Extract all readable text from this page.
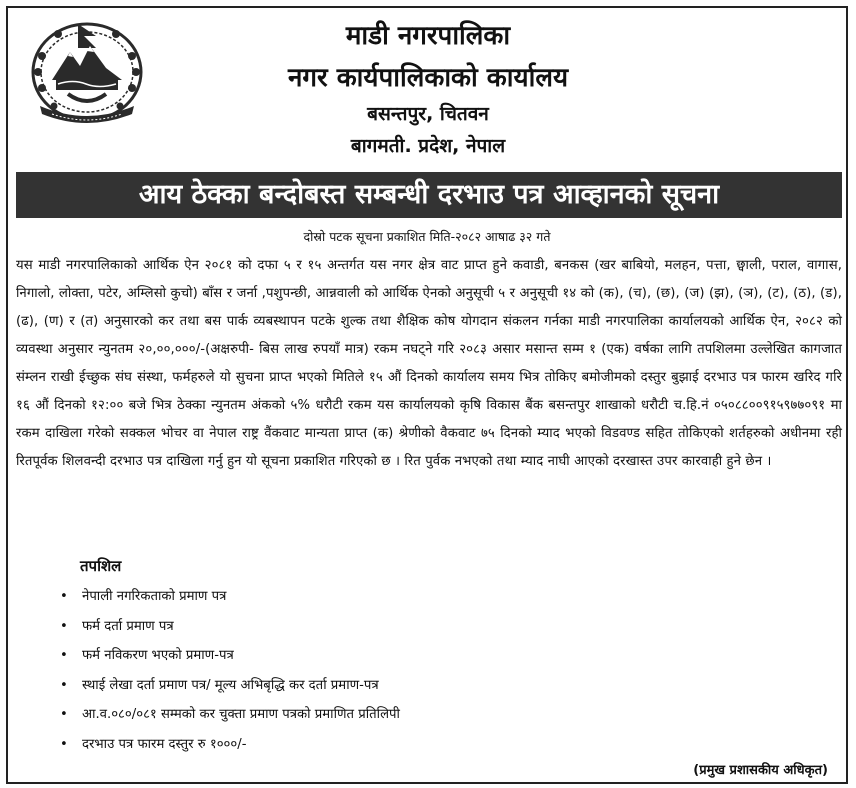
माडी नगरपालिका
नगर कार्यपालिकाको कार्यालय
बसन्तपुर, चितवन
बागमती. प्रदेश, नेपाल
आय ठेक्का बन्दोबस्त सम्बन्धी दरभाउ पत्र आव्हानको सूचना
दोस्रो पटक सूचना प्रकाशित मिति-२०८२ आषाढ ३२ गते
यस माडी नगरपालिकाको आर्थिक ऐन २०८१ को दफा ५ र १५ अन्तर्गत यस नगर क्षेत्र वाट प्राप्त हुने कवाडी, बनकस (खर बाबियो, मलहन, पत्ता, छ्वाली, पराल, वागास, निगालो, लोक्ता, पटेर, अम्लिसो कुचो) बाँस र जर्ना ,पशुपन्छी, आन्नवाली को आर्थिक ऐनको अनुसूची ५ र अनुसूची १४ को (क), (च), (छ), (ज) (झ), (ञ), (ट), (ठ), (ड), (ढ), (ण) र (त) अनुसारको कर तथा बस पार्क व्यबस्थापन पटके शुल्क तथा शैक्षिक कोष योगदान संकलन गर्नका माडी नगरपालिका कार्यालयको आर्थिक ऐन, २०८२ को व्यवस्था अनुसार न्युनतम २०,००,०००/-(अक्षरुपी- बिस लाख रुपयाँ मात्र) रकम नघट्ने गरि २०८३ असार मसान्त सम्म १ (एक) वर्षका लागि तपशिलमा उल्लेखित कागजात संम्लन राखी ईच्छुक संघ संस्था, फर्महरुले यो सुचना प्राप्त भएको मितिले १५ औं दिनको कार्यालय समय भित्र तोकिए बमोजीमको दस्तुर बुझाई दरभाउ पत्र फारम खरिद गरि १६ औं दिनको १२:०० बजे भित्र ठेक्का न्युनतम अंकको ५% धरौटी रकम यस कार्यालयको कृषि विकास बैंक बसन्तपुर शाखाको धरौटी च.हि.नं ०५०८८००९१५९७७०९१ मा रकम दाखिला गरेको सक्कल भोचर वा नेपाल राष्ट्र वैंकवाट मान्यता प्राप्त (क) श्रेणीको वैकवाट ७५ दिनको म्याद भएको विडवण्ड सहित तोकिएको शर्तहरुको अधीनमा रही रितपूर्वक शिलवन्दी दरभाउ पत्र दाखिला गर्नु हुन यो सूचना प्रकाशित गरिएको छ । रित पुर्वक नभएको तथा म्याद नाघी आएको दरखास्त उपर कारवाही हुने छेन ।
तपशिल
•	नेपाली नगरिकताको प्रमाण पत्र
•	फर्म दर्ता प्रमाण पत्र
•	फर्म नविकरण भएको प्रमाण-पत्र
•	स्थाई लेखा दर्ता प्रमाण पत्र/ मूल्य अभिबृद्धि कर दर्ता प्रमाण-पत्र
•	आ.व.०८०/०८१ सम्मको कर चुक्ता प्रमाण पत्रको प्रमाणित प्रतिलिपी
•	दरभाउ पत्र फारम दस्तुर रु १०००/-
(प्रमुख प्रशासकीय अधिकृत)
